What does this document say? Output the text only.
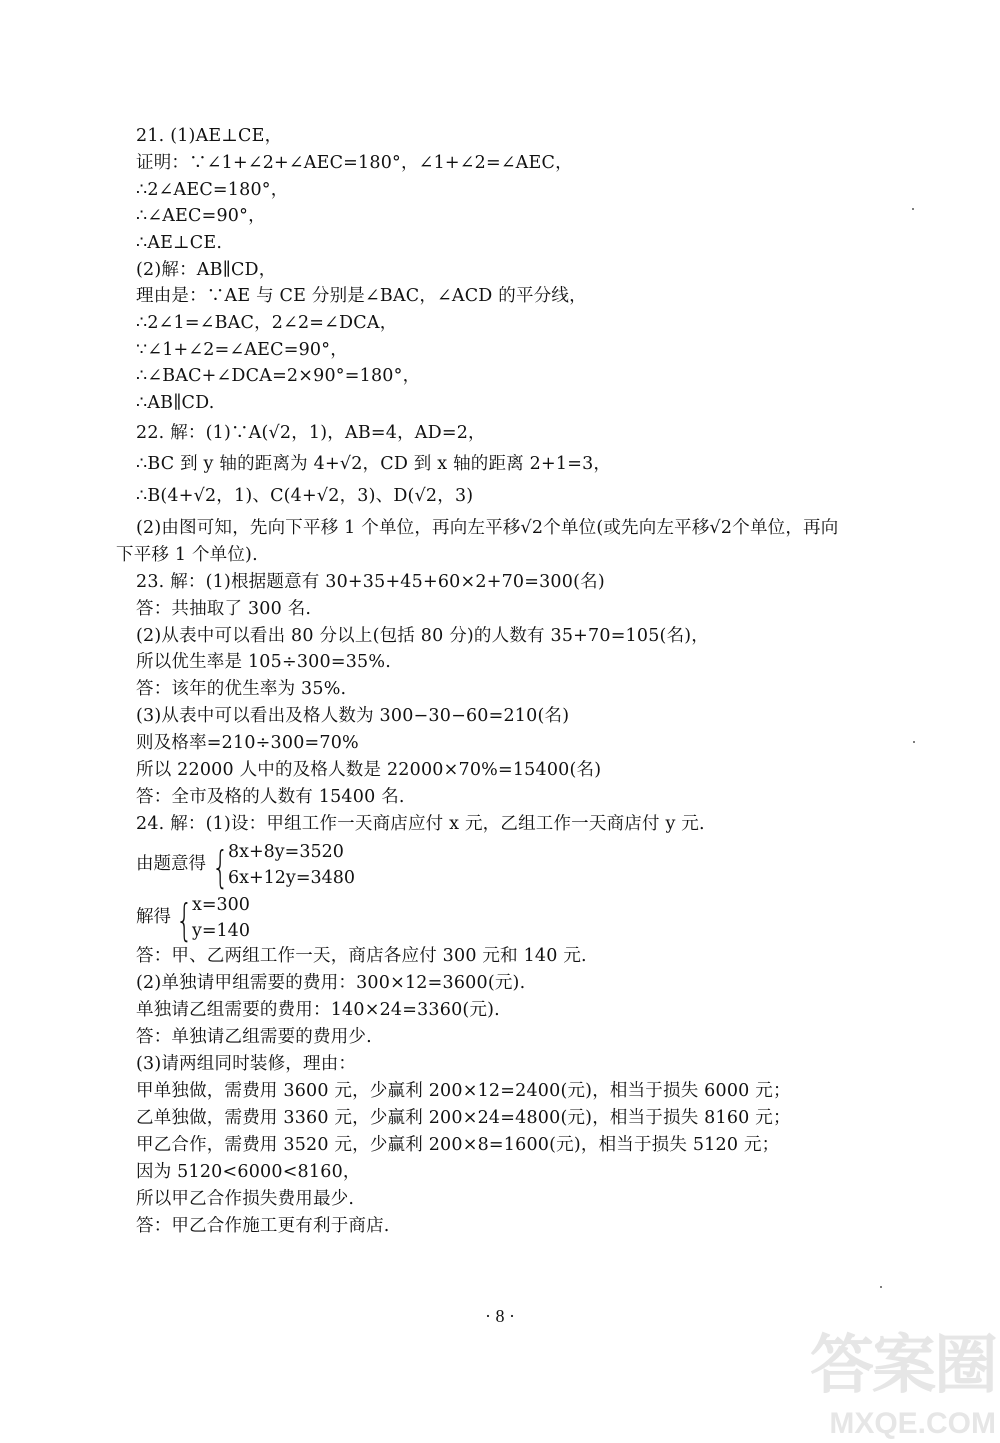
21. (1)AE⊥CE，
证明：∵∠1+∠2+∠AEC=180°，∠1+∠2=∠AEC，
∴2∠AEC=180°，
∴∠AEC=90°，
∴AE⊥CE.
(2)解：AB∥CD，
理由是：∵AE 与 CE 分别是∠BAC，∠ACD 的平分线，
∴2∠1=∠BAC，2∠2=∠DCA，
∵∠1+∠2=∠AEC=90°，
∴∠BAC+∠DCA=2×90°=180°，
∴AB∥CD.
22. 解：(1)∵A(√2，1)，AB=4，AD=2，
∴BC 到 y 轴的距离为 4+√2，CD 到 x 轴的距离 2+1=3，
∴B(4+√2，1)、C(4+√2，3)、D(√2，3)
(2)由图可知，先向下平移 1 个单位，再向左平移√2个单位(或先向左平移√2个单位，再向
下平移 1 个单位).
23. 解：(1)根据题意有 30+35+45+60×2+70=300(名)
答：共抽取了 300 名.
(2)从表中可以看出 80 分以上(包括 80 分)的人数有 35+70=105(名)，
所以优生率是 105÷300=35%.
答：该年的优生率为 35%.
(3)从表中可以看出及格人数为 300−30−60=210(名)
则及格率=210÷300=70%
所以 22000 人中的及格人数是 22000×70%=15400(名)
答：全市及格的人数有 15400 名.
24. 解：(1)设：甲组工作一天商店应付 x 元，乙组工作一天商店付 y 元.
由题意得 { 8x+8y=3520
6x+12y=3480
解得 { x=300
y=140
答：甲、乙两组工作一天，商店各应付 300 元和 140 元.
(2)单独请甲组需要的费用：300×12=3600(元).
单独请乙组需要的费用：140×24=3360(元).
答：单独请乙组需要的费用少.
(3)请两组同时装修，理由：
甲单独做，需费用 3600 元，少赢利 200×12=2400(元)，相当于损失 6000 元；
乙单独做，需费用 3360 元，少赢利 200×24=4800(元)，相当于损失 8160 元；
甲乙合作，需费用 3520 元，少赢利 200×8=1600(元)，相当于损失 5120 元；
因为 5120<6000<8160，
所以甲乙合作损失费用最少.
答：甲乙合作施工更有利于商店.
· 8 ·
答案圈
MXQE.COM
